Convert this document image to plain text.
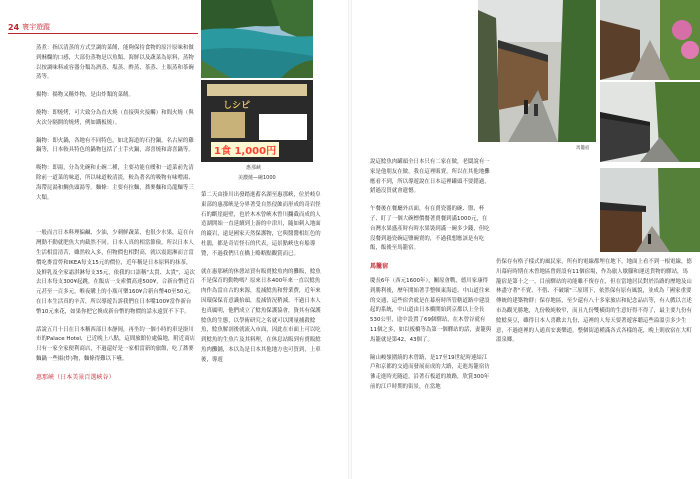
24 寰宇遊蹤

蒸煮：指以清蒸的方式烹調的菜餚，能夠保持食物的原汁原味和做到酥爛的口感，大部份蒸物是以魚類、海鮮以及蔬菜為原料，蒸物以按調味料或容器分類為酒蒸、塩蒸、酢蒸、茶蒸、土瓶蒸和茶碗蒸等。

揚物：揚物又稱炸物，是由炸類的菜餚。

燒物：即燒烤，可大致分為直火燒（直接與火接觸）和間火燒（與火次分隔開的燒烤，例如鐵板燒）。

鍋物：即火鍋，各地有不同特色，如北海道的石狩鍋，名古屋的雞鍋等，日本較具特色的鍋物包括了士手火鍋，壽喜燒和壽喜鍋等。

吸物：即湯，分為先碗和止碗二種，主要功能在曖和一道菜前先清除前一道菜的味道，所以味道較清淡，較為著名的吸物有味噌湯、海帶昆湯和鯛魚頭湯等。麵條：主要有拉麵，蕎麥麵和烏龍麵等三大類。

一般而言日本料理偏鹹、少油，少刺鮮蔬菜，也很少水果，這在台灣動不動就肥魚大肉截然不同。日本人真的相當節儉，所以日本人生活相當清苦，雖然收入多，但物價也相對高，就以震滬淋而言當價吃麥當勞和IKEA每支15元的價位，近年稱是日本原料的抹茶，及鮮乳及全家霜淇淋每支35元，依我的口語稱"太貴、太貴"，這次去日本每支300¥起跳，在飯店一支索價高達500¥，合新台幣近百元甚至一百多元，喉夜購上的小瓶可樂160¥合新台幣40至50元，在日本生活真的辛苦，所以導遊告訴我們在日本嘴100¥當作新台幣10元來花，如果你把它換成新台幣的物價的話永遠買不下手。

話說五月十日在日本稱西部日本靜岡，再坐約一個小時的車是掛川市的Palace Hotel，已近晚上八點，這間旅館位處偏地，附近商店只有一家全家便利商店，不過還好是一家相當新的旅館，吃了蕎麥麵鍋一些揚(炸)物，麵條得難以下嚥。

惠那峽（日本美景百選峽谷）

しシピ
1食 1,000円
惠那峽
美濃燒—碗1000

第二天由掛川出發踏進蓄名湖至惠那峽，位於岐阜東部的惠那峽是分界著受自然侵蝕而形成的奇岩怪石的斷崖絕壁，也於木木曾峽木曾川攔截而成的人造湖開始一直延續到上游的中津川，隨如刺入地面的巖岩，遠是國家天然保護物，它與醬醬相紅色的杜鵑，都是奇岩怪石的代表，這景點峽也有船導覽，不過我們只在橋上略略點觀賞而已。

就在惠那峽的休憩站買有販賣鯰魚肉的攤販，鯰魚不是保育的動物嗎？原來日本400年來一直以鯰魚肉作為當自古的來源，羞減鯰魚和營業費，近年來因環保保育意識抬頭，羞減情況稍減。不過日本人也真厲明，他們成立了鯰魚保護協會，資其有保護鯰魚的生態，以學術研究之名就可以開量捕殺鯰魚，鯰魚解剖後就流入市面，因此在市面上可以吃到鯰魚的生魚片及其料理，在休息站販到有賣販鯰魚肉攤鋪，本以為是日本其他地方也可買到，上車後，導遊

馬籠宿

說這鯰魚肉罐頭全日本只有二家在做，老闆說有一家是他朋友在做，我在這裡販賣，所以在其他地攤應看不到，所以導遊說在日本這裡罐頭不要錯過，錯過沒買就會遺憾。

午餐後在餐廳外店面，有在賣瓷器的碗、盤、杯子、盯了一個大碗標價餐著賣餐到滿1000元，在台灣水果盛產時有時水果裝到滿一碗多少錢，但吃沒餐到過瓷碗這鹽碗賣的，不過我想應該是有吃飯，飯後至馬籠宿。

馬籠宿

慶長6年（西元1600年），關原會戰，德川家康得到勝利後，歷年開始著手整頓東海道、中山道往來的交通，這些宿舍就是在幕府時所管轄道路中建設起的系統，中山道由日本橋開始到京都以上全長530公里，途中設置了69個驛站，在木曾谷就有11個之多，如以板橋等為第一個驛站的話，妻籠與馬籠就是第42、43個了。

險山峻嶺圍繞的木曾路，是17至19世紀時連結江戶和京都的交通而發展而成的大路，走進馬籠宿彷彿走進時光隧道，沿著石板道的坡路，欣賞300年前的江戶時期的街景，在當地

仍保存有格子樣式的風民家，所有的電線都埋在地下，地面上看不到一根電線，德川幕府時期在木曾地區曾經設有11個宿場，作為旅人歇腳和運送貨物的驛站，馬籠宿是第十之一，目前驛站的功能雖不復存在，但在當地居民對於沿路的歷地及山林盡守著"不賣、不借、不破壞"三原則下，依然保有原有風貌，並成為「國家重要傳統的建築物群」保存地區，至少還有八十多家旅店和紀念品店等，有人戲以言述市為觀光勝地，九份較純較窄，而且九份雙橫街的生意好得不得了，最主要九份有鯰鯰臭豆，雖得日本人喜歡去九份，這裡的人每天要著遊客聽這些溢溫引多少生意，不過進裡的人通真安裏樂道，整個街道種滿各式各樣的花，晚上則放宿在大町溫泉鄉。
